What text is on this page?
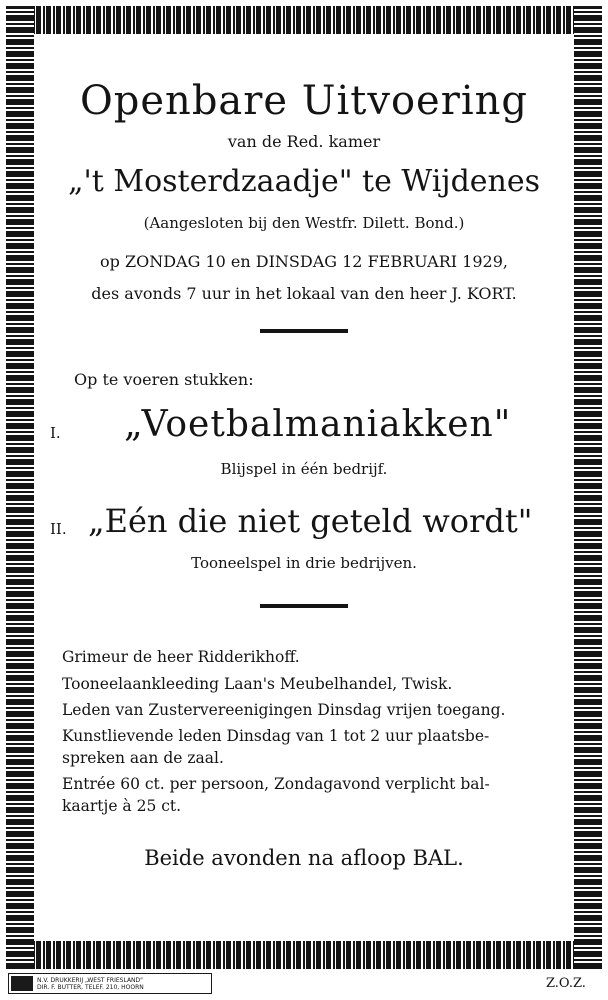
Openbare Uitvoering
van de Red. kamer
„'t Mosterdzaadje" te Wijdenes
(Aangesloten bij den Westfr. Dilett. Bond.)
op ZONDAG 10 en DINSDAG 12 FEBRUARI 1929,
des avonds 7 uur in het lokaal van den heer J. KORT.
Op te voeren stukken:
I. „Voetbalmaniakken"
Blijspel in één bedrijf.
II. „Eén die niet geteld wordt"
Tooneelspel in drie bedrijven.
Grimeur de heer Ridderikhoff.
Tooneelaankleeding Laan's Meubelhandel, Twisk.
Leden van Zustervereenigingen Dinsdag vrijen toegang.
Kunstlievende leden Dinsdag van 1 tot 2 uur plaatsbe-
spreken aan de zaal.
Entrée 60 ct. per persoon, Zondagavond verplicht bal-
kaartje à 25 ct.
Beide avonden na afloop BAL.
N.V. DRUKKERIJ „WEST FRIESLAND"
DIR. F. BUTTER, TELEF. 210, HOORN	Z.O.Z.
